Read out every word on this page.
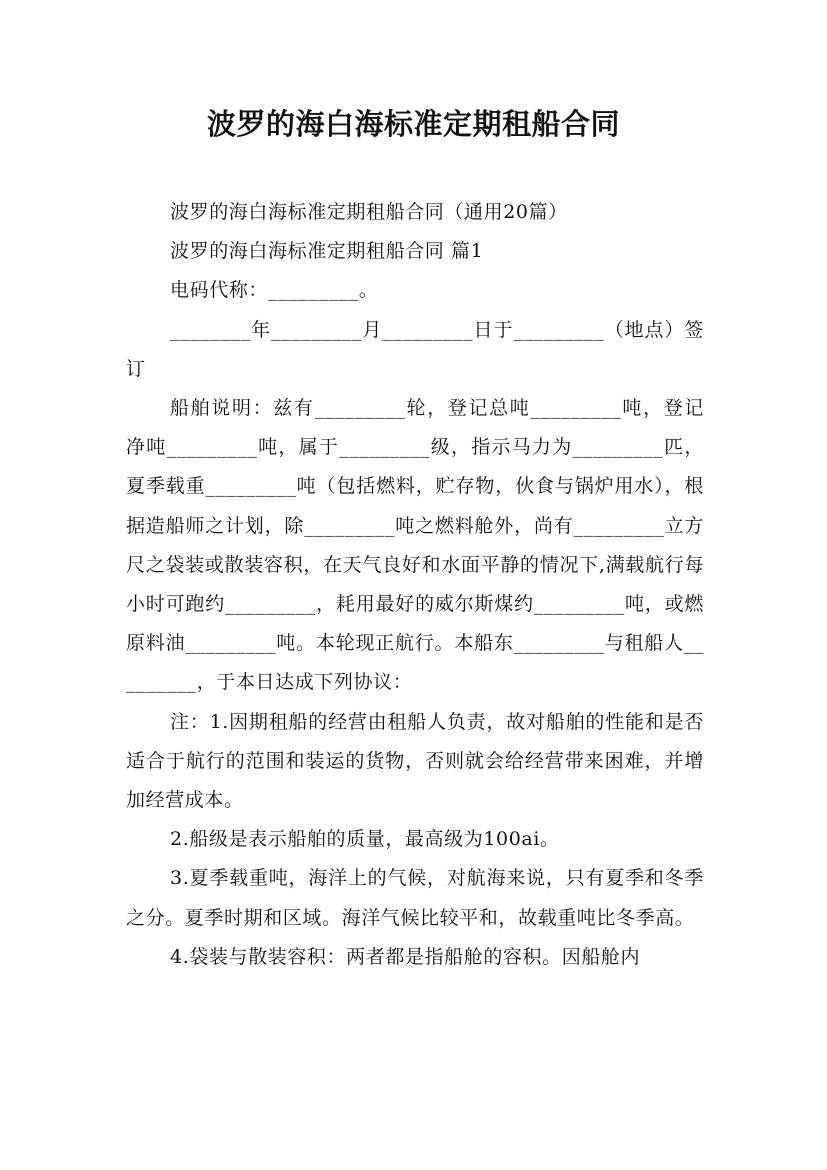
波罗的海白海标准定期租船合同

波罗的海白海标准定期租船合同（通用20篇）

波罗的海白海标准定期租船合同 篇1

电码代称：_________。

________年_________月_________日于_________（地点）签订

船舶说明：兹有_________轮，登记总吨_________吨，登记净吨_________吨，属于_________级，指示马力为_________匹，夏季载重_________吨（包括燃料，贮存物，伙食与锅炉用水），根据造船师之计划，除_________吨之燃料舱外，尚有_________立方尺之袋装或散装容积，在天气良好和水面平静的情况下,满载航行每小时可跑约_________，耗用最好的威尔斯煤约_________吨，或燃原料油_________吨。本轮现正航行。本船东_________与租船人_________，于本日达成下列协议：

注：1.因期租船的经营由租船人负责，故对船舶的性能和是否适合于航行的范围和装运的货物，否则就会给经营带来困难，并增加经营成本。

2.船级是表示船舶的质量，最高级为100ai。

3.夏季载重吨，海洋上的气候，对航海来说，只有夏季和冬季之分。夏季时期和区域。海洋气候比较平和，故载重吨比冬季高。

4.袋装与散装容积：两者都是指船舱的容积。因船舱内
